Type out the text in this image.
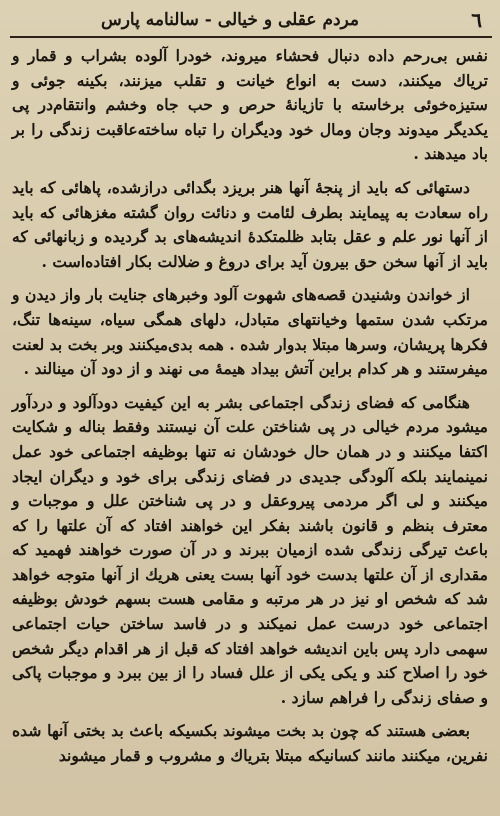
مردم عقلی و خیالی - سالنامه پارس	٦

نفس بی‌رحم داده دنبال فحشاء میروند، خودرا آلوده بشراب و قمار و تریاك میکنند، دست به انواع خیانت و تقلب میزنند، بکینه جوئی و ستیزه‌خوئی برخاسته با تازیانهٔ حرص و حب جاه وخشم وانتقام‌در پی یکدیگر میدوند وجان ومال خود ودیگران را تباه ساخته‌عاقبت زندگی را بر باد میدهند .

دستهائی که باید از پنجهٔ آنها هنر بریزد بگدائی درازشده، پاهائی که باید راه سعادت به پیمایند بطرف لئامت و دنائت روان گشته مغزهائی که باید از آنها نور علم و عقل بتابد ظلمتکدهٔ اندیشه‌های بد گردیده و زبانهائی که باید از آنها سخن حق بیرون آید برای دروغ و ضلالت بکار افتاده‌است .

از خواندن وشنیدن قصه‌های شهوت آلود وخبرهای جنایت بار واز دیدن و مرتکب شدن ستمها وخیانتهای متبادل، دلهای همگی سیاه، سینه‌ها تنگ، فکرها پریشان، وسرها مبتلا بدوار شده . همه بدی‌میکنند وبر بخت بد لعنت میفرستند و هر کدام براین آتش بیداد هیمهٔ می نهند و از دود آن مینالند .

هنگامی که فضای زندگی اجتماعی بشر به این کیفیت دودآلود و دردآور میشود مردم خیالی در پی شناختن علت آن نیستند وفقط بناله و شکایت اکتفا میکنند و در همان حال خودشان نه تنها بوظیفه اجتماعی خود عمل نمینمایند بلکه آلودگی جدیدی در فضای زندگی برای خود و دیگران ایجاد میکنند و لی اگر مردمی پیروعقل و در پی شناختن علل و موجبات و معترف بنظم و قانون باشند بفکر این خواهند افتاد که آن علتها را که باعث تیرگی زندگی شده ازمیان ببرند و در آن صورت خواهند فهمید که مقداری از آن علتها بدست خود آنها بست یعنی هریك از آنها متوجه خواهد شد که شخص او نیز در هر مرتبه و مقامی هست بسهم خودش بوظیفه اجتماعی خود درست عمل نمیکند و در فاسد ساختن حیات اجتماعی سهمی دارد پس باین اندیشه خواهد افتاد که قبل از هر اقدام دیگر شخص خود را اصلاح کند و یکی یکی از علل فساد را از بین ببرد و موجبات پاکی و صفای زندگی را فراهم سازد .

بعضی هستند که چون بد بخت میشوند بکسیکه باعث بد بختی آنها شده نفرین، میکنند مانند کسانیکه مبتلا بتریاك و مشروب و قمار میشوند
